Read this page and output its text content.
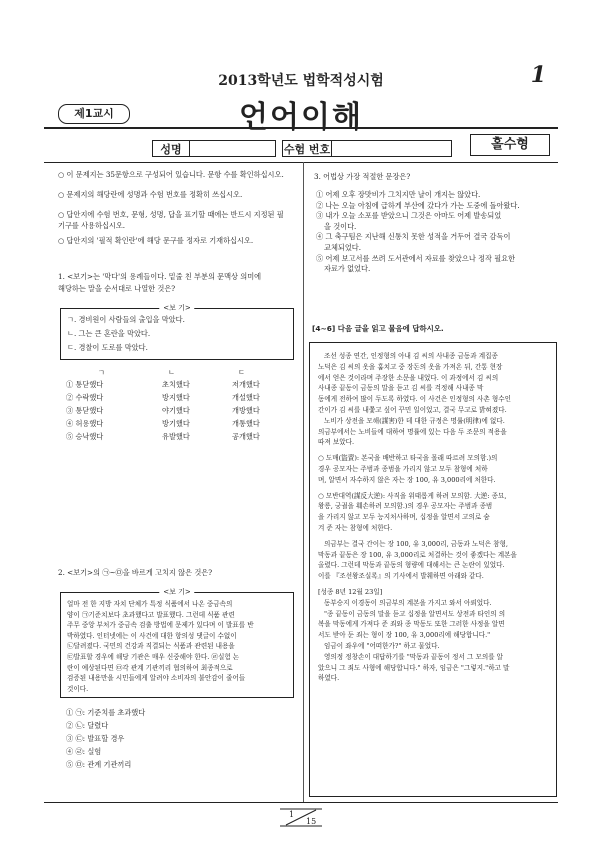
2013학년도 법학적성시험	1
제1교시	언어이해
성명	수험 번호	홀수형
○ 이 문제지는 35문항으로 구성되어 있습니다. 문항 수를 확인하십시오.
○ 문제지의 해당란에 성명과 수험 번호를 정확히 쓰십시오.
○ 답안지에 수험 번호, 문형, 성명, 답을 표기할 때에는 반드시 지정된 필기구를 사용하십시오.
○ 답안지의 '필적 확인란'에 해당 문구를 정자로 기재하십시오.
1. <보기>는 '막다'의 용례들이다. 밑줄 친 부분의 문맥상 의미에
해당하는 말을 순서대로 나열한 것은?
<보 기>
ㄱ. 경비원이 사람들의 출입을 막았다.
ㄴ. 그는 큰 혼란을 막았다.
ㄷ. 경찰이 도로를 막았다.
ㄱ	ㄴ	ㄷ
① 통닫했다	초치했다	저개했다
② 수락했다	방지했다	개설했다
③ 통닫했다	야기했다	개방했다
④ 허용했다	방기했다	개통했다
⑤ 승낙했다	유발했다	공개했다
2. <보기>의 ㉠~㉤을 바르게 고치지 않은 것은?
<보 기>
얼마 전 한 지방 자치 단체가 특정 식품에서 나온 중금속의
양이 ㉠기준치보다 초과했다고 발표했다. 그런데 식품 관련
주무 중앙 부처가 중금속 검출 방법에 문제가 있다며 이 발표를 반
박하였다. 인터넷에는 이 사건에 대한 항의성 댓글이 수없이
㉡달려졌다. 국민의 건강과 직결되는 식품과 관련된 내용을
㉢발표할 경우에 해당 기관은 매우 신중해야 한다. ㉣실험 논
란이 예상된다면 ㉤각 관계 기관끼리 협의하여 최종적으로
검증된 내용만을 시민들에게 알려야 소비자의 불안감이 줄어들
것이다.
① ㉠: 기준치를 초과했다
② ㉡: 달렸다
③ ㉢: 발표할 경우
④ ㉣: 실험
⑤ ㉤: 관계 기관끼리
3. 어법상 가장 적절한 문장은?
① 어제 오후 장맛비가 그치지만 날이 개지는 않았다.
② 나는 오늘 아침에 급하게 부산에 갔다가 가는 도중에 돌아왔다.
③ 내가 오늘 소포를 받았으니 그것은 아마도 어제 발송되었
을 것이다.
④ 그 축구팀은 지난해 신통치 못한 성적을 거두어 결국 감독이
교체되었다.
⑤ 어제 보고서를 쓰려 도서관에서 자료를 찾았으나 정작 필요한
자료가 없었다.
[4~6] 다음 글을 읽고 물음에 답하시오.
조선 성종 연간, 인정형의 아내 김 씨의 사내종 금동과 계집종
노덕은 김 씨의 옷을 훔치고 중 장돈의 옷을 가져온 뒤, 간통 현장
에서 얻은 것이라며 주장한 소문을 내었다. 이 과정에서 김 씨의
사내종 끝동이 금동의 말을 듣고 김 씨를 걱정해 사내종 막
동에게 전하여 많이 두도록 하였다. 이 사건은 인정형의 사촌 형수인
간이가 김 씨를 내쫓고 싶어 꾸민 일이었고, 결국 무고로 밝혀졌다.
노비가 상전을 모해(謀害)한 데 대한 규정은 명률(明律)에 없다.
의금부에서는 노비들에 대하여 명률에 있는 다음 두 조문의 적용을
따져 보았다.
○ 도매(盜賣): 본국을 배반하고 타국을 몰래 따르려 모의함.)의
경우 공모자는 주범과 종범을 가리지 않고 모두 참형에 처하
며, 알면서 자수하지 않은 자는 장 100, 유 3,000리에 처한다.
○ 모반대역(謀反大逆): 사직을 위태롭게 하려 모의함. 大逆: 종묘,
왕릉, 궁궐을 훼손하려 모의함.)의 경우 공모자는 주범과 종범
을 가리지 않고 모두 능지처사하며, 십정을 알면서 고의로 숨
겨 준 자는 참형에 처한다.
의금부는 결국 간이는 장 100, 유 3,000리, 금동과 노덕은 참형,
막동과 끝동은 장 100, 유 3,000리로 처결하는 것이 좋겠다는 계본을
올렸다. 그런데 막동과 끝동의 형량에 대해서는 큰 논란이 있었다.
이를 『조선왕조실록』의 기사에서 발췌하면 아래와 같다.
[성종 8년 12월 23일]
동부승지 이경동이 의금부의 계본을 가지고 와서 아뢰었다.
"종 끝동이 금동의 말을 듣고 십정을 알면서도 상전과 타인의 의
복을 막동에게 가져다 준 죄와 종 막동도 또한 그러한 사정을 알면
서도 받아 둔 죄는 형이 장 100, 유 3,000리에 해당합니다."
임금이 좌우에 "어떠한가?" 하고 물었다.
영의정 정창손이 대답하기를 "막동과 끝동이 정서 그 모의를 알
았으니 그 죄도 사형에 해당합니다." 하자, 임금은 "그렇지."하고 말
하였다.
1
15
